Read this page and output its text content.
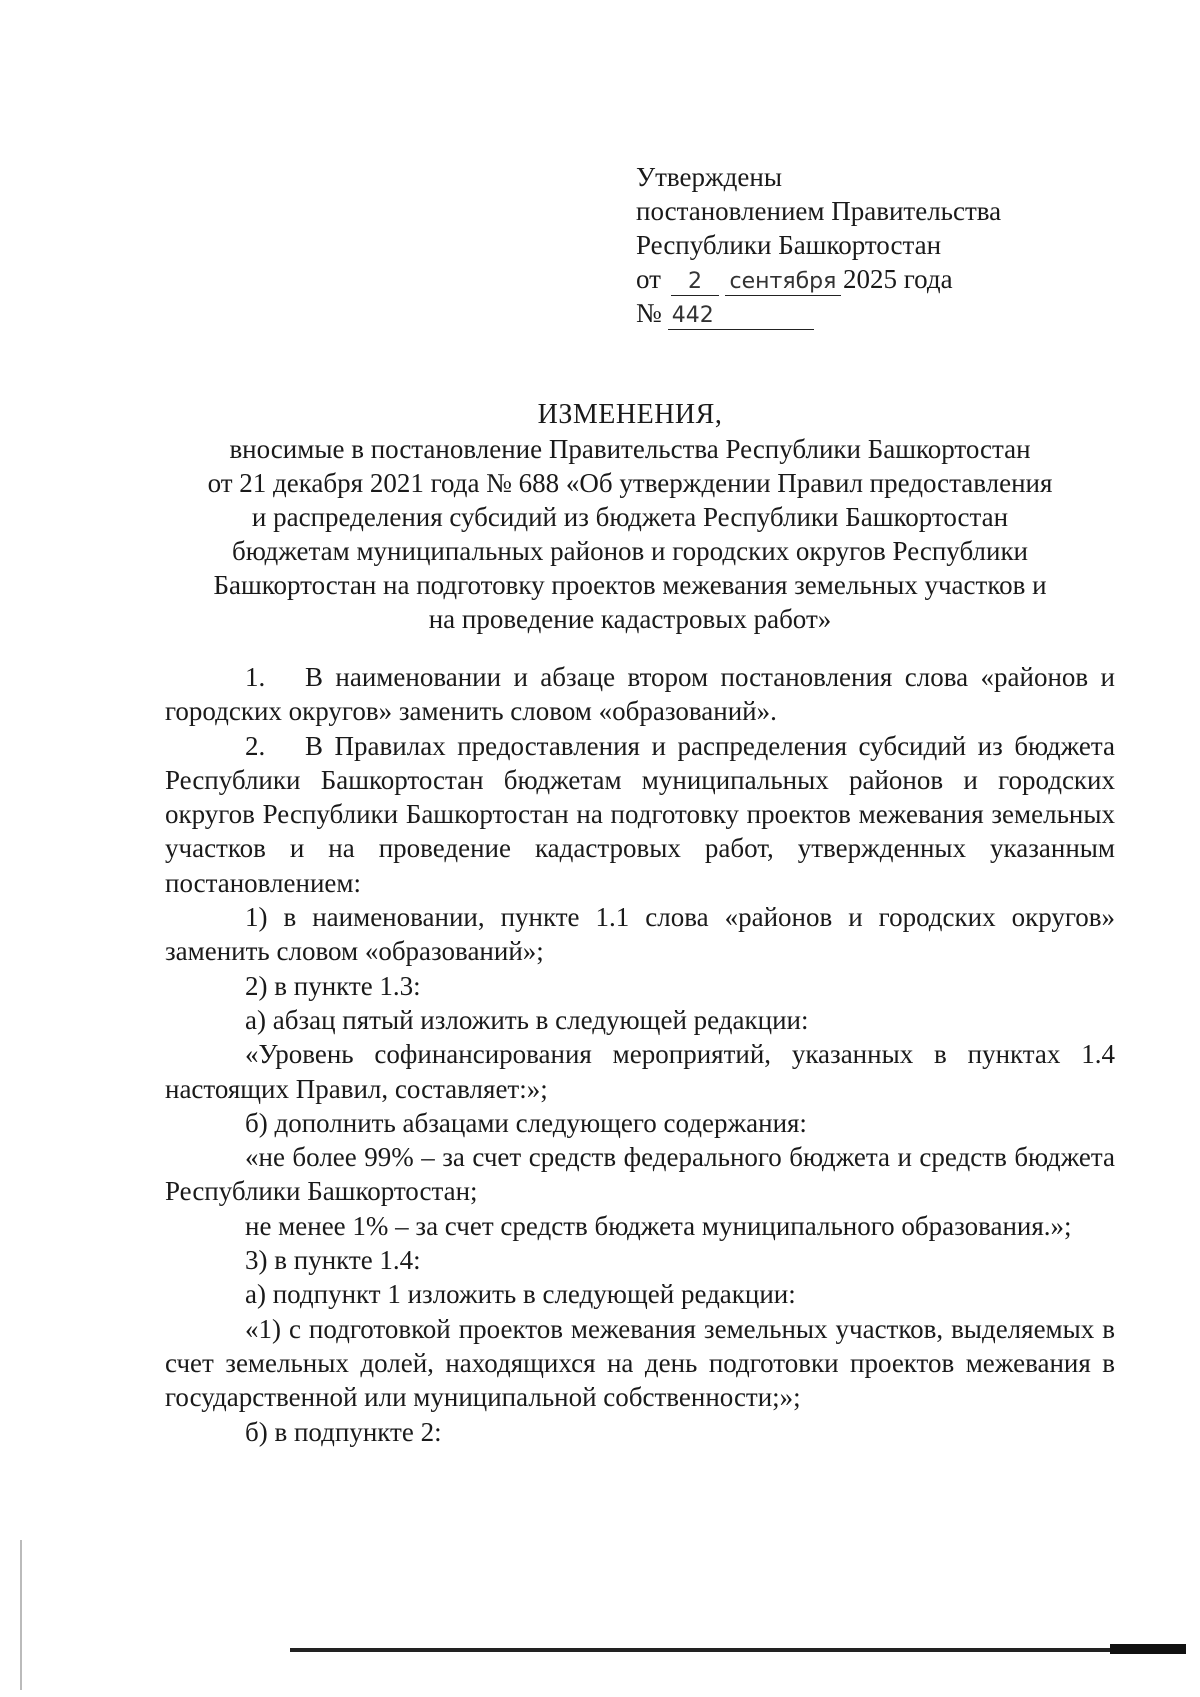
Утверждены
постановлением Правительства
Республики Башкортостан
от 2 сентября 2025 года
№ 442
ИЗМЕНЕНИЯ,
вносимые в постановление Правительства Республики Башкортостан
от 21 декабря 2021 года № 688 «Об утверждении Правил предоставления
и распределения субсидий из бюджета Республики Башкортостан
бюджетам муниципальных районов и городских округов Республики
Башкортостан на подготовку проектов межевания земельных участков и
на проведение кадастровых работ»

1. В наименовании и абзаце втором постановления слова «районов и городских округов» заменить словом «образований».

2. В Правилах предоставления и распределения субсидий из бюджета Республики Башкортостан бюджетам муниципальных районов и городских округов Республики Башкортостан на подготовку проектов межевания земельных участков и на проведение кадастровых работ, утвержденных указанным постановлением:

1) в наименовании, пункте 1.1 слова «районов и городских округов» заменить словом «образований»;

2) в пункте 1.3:

а) абзац пятый изложить в следующей редакции:

«Уровень софинансирования мероприятий, указанных в пунктах 1.4 настоящих Правил, составляет:»;

б) дополнить абзацами следующего содержания:

«не более 99% – за счет средств федерального бюджета и средств бюджета Республики Башкортостан;

не менее 1% – за счет средств бюджета муниципального образования.»;

3) в пункте 1.4:

а) подпункт 1 изложить в следующей редакции:

«1) с подготовкой проектов межевания земельных участков, выделяемых в счет земельных долей, находящихся на день подготовки проектов межевания в государственной или муниципальной собственности;»;

б) в подпункте 2:
